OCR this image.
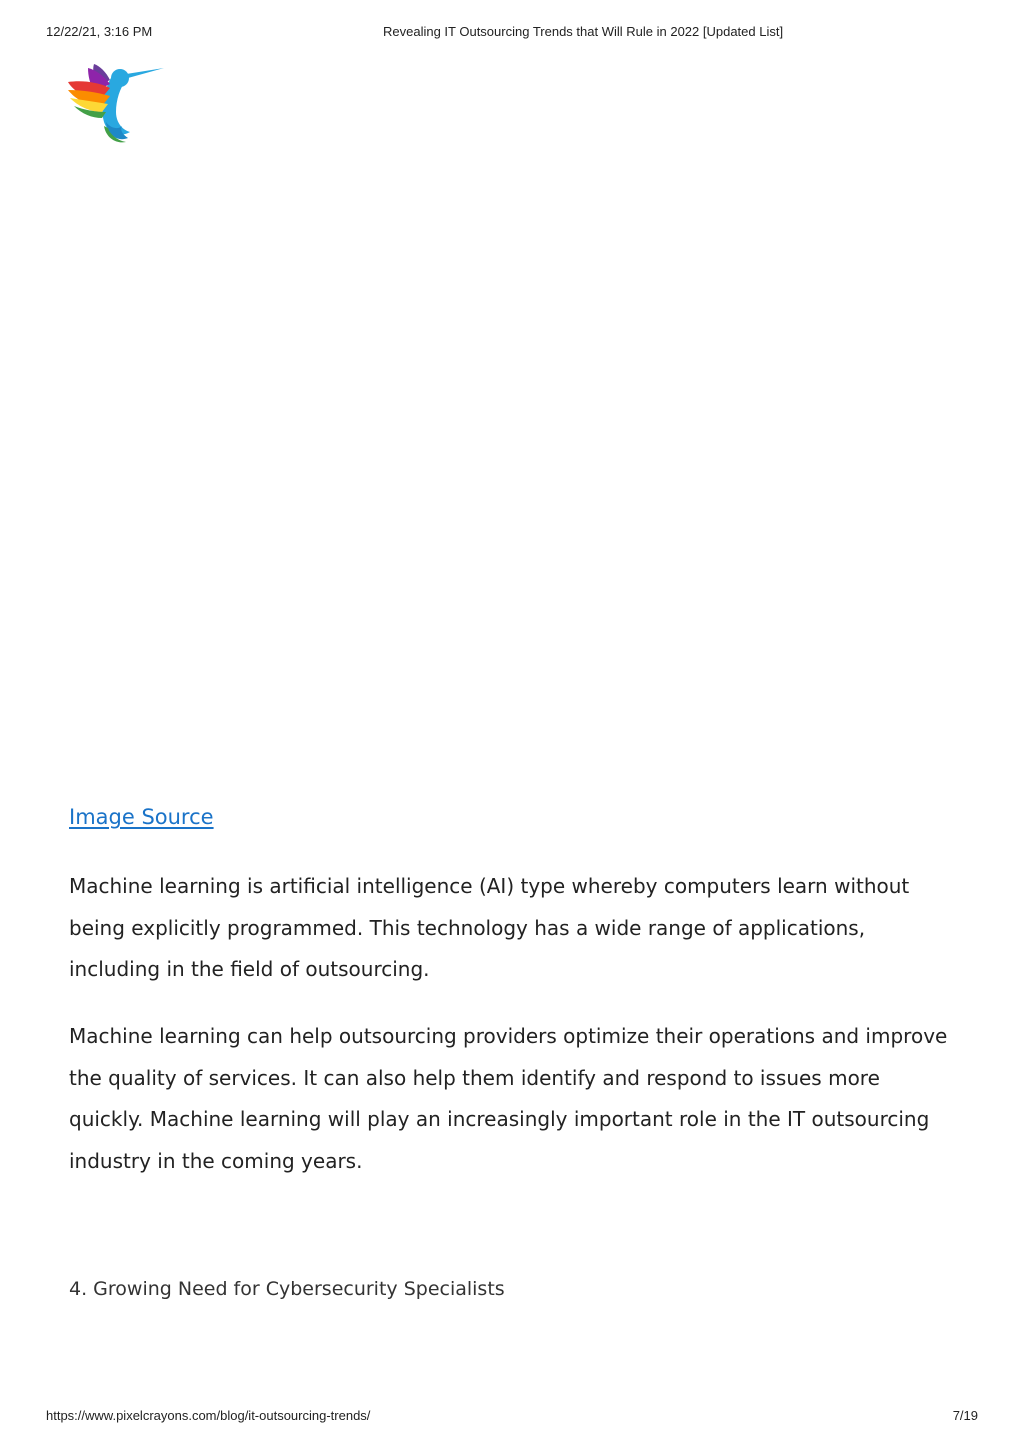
12/22/21, 3:16 PM	Revealing IT Outsourcing Trends that Will Rule in 2022 [Updated List]
Image Source

Machine learning is artificial intelligence (AI) type whereby computers learn without being explicitly programmed. This technology has a wide range of applications, including in the field of outsourcing.

Machine learning can help outsourcing providers optimize their operations and improve the quality of services. It can also help them identify and respond to issues more quickly. Machine learning will play an increasingly important role in the IT outsourcing industry in the coming years.

4. Growing Need for Cybersecurity Specialists
https://www.pixelcrayons.com/blog/it-outsourcing-trends/	7/19
